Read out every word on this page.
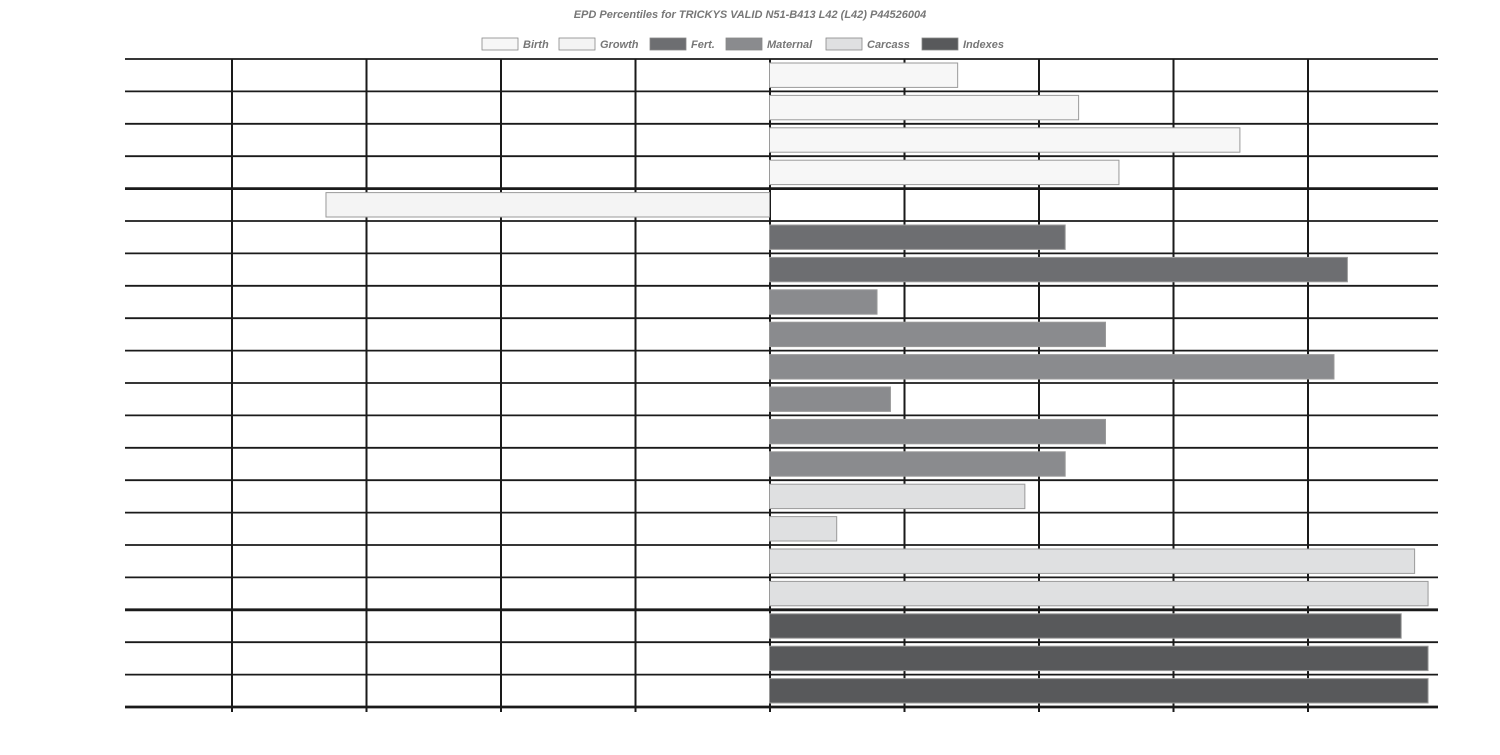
EPD Percentiles for TRICKYS VALID N51-B413 L42 (L42) P44526004
Birth	Growth	Fert.	Maternal	Carcass	Indexes
